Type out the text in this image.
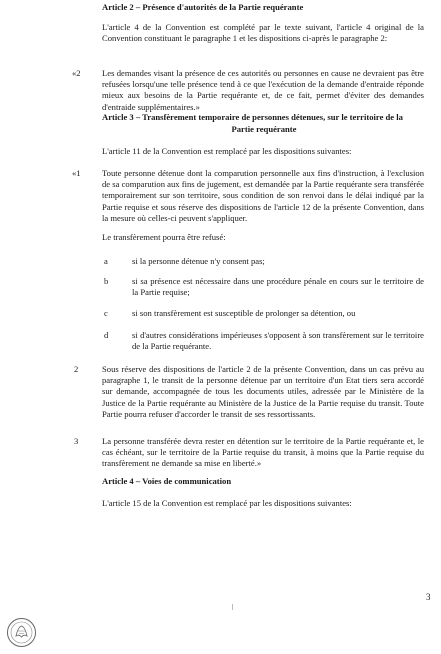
Article 2 – Présence d'autorités de la Partie requérante
L'article 4 de la Convention est complété par le texte suivant, l'article 4 original de la Convention constituant le paragraphe 1 et les dispositions ci-après le paragraphe 2:
«2 Les demandes visant la présence de ces autorités ou personnes en cause ne devraient pas être refusées lorsqu'une telle présence tend à ce que l'exécution de la demande d'entraide réponde mieux aux besoins de la Partie requérante et, de ce fait, permet d'éviter des demandes d'entraide supplémentaires.»
Article 3 – Transfèrement temporaire de personnes détenues, sur le territoire de la
Partie requérante
L'article 11 de la Convention est remplacé par les dispositions suivantes:
«1 Toute personne détenue dont la comparution personnelle aux fins d'instruction, à l'exclusion de sa comparution aux fins de jugement, est demandée par la Partie requérante sera transférée temporairement sur son territoire, sous condition de son renvoi dans le délai indiqué par la Partie requise et sous réserve des dispositions de l'article 12 de la présente Convention, dans la mesure où celles-ci peuvent s'appliquer.
Le transfèrement pourra être refusé:
a	si la personne détenue n'y consent pas;
b	si sa présence est nécessaire dans une procédure pénale en cours sur le territoire de la Partie requise;
c	si son transfèrement est susceptible de prolonger sa détention, ou
d	si d'autres considérations impérieuses s'opposent à son transfèrement sur le territoire de la Partie requérante.
2	Sous réserve des dispositions de l'article 2 de la présente Convention, dans un cas prévu au paragraphe 1, le transit de la personne détenue par un territoire d'un Etat tiers sera accordé sur demande, accompagnée de tous les documents utiles, adressée par le Ministère de la Justice de la Partie requérante au Ministère de la Justice de la Partie requise du transit. Toute Partie pourra refuser d'accorder le transit de ses ressortissants.
3	La personne transférée devra rester en détention sur le territoire de la Partie requérante et, le cas échéant, sur le territoire de la Partie requise du transit, à moins que la Partie requise du transfèrement ne demande sa mise en liberté.»
Article 4 – Voies de communication
L'article 15 de la Convention est remplacé par les dispositions suivantes:
3
